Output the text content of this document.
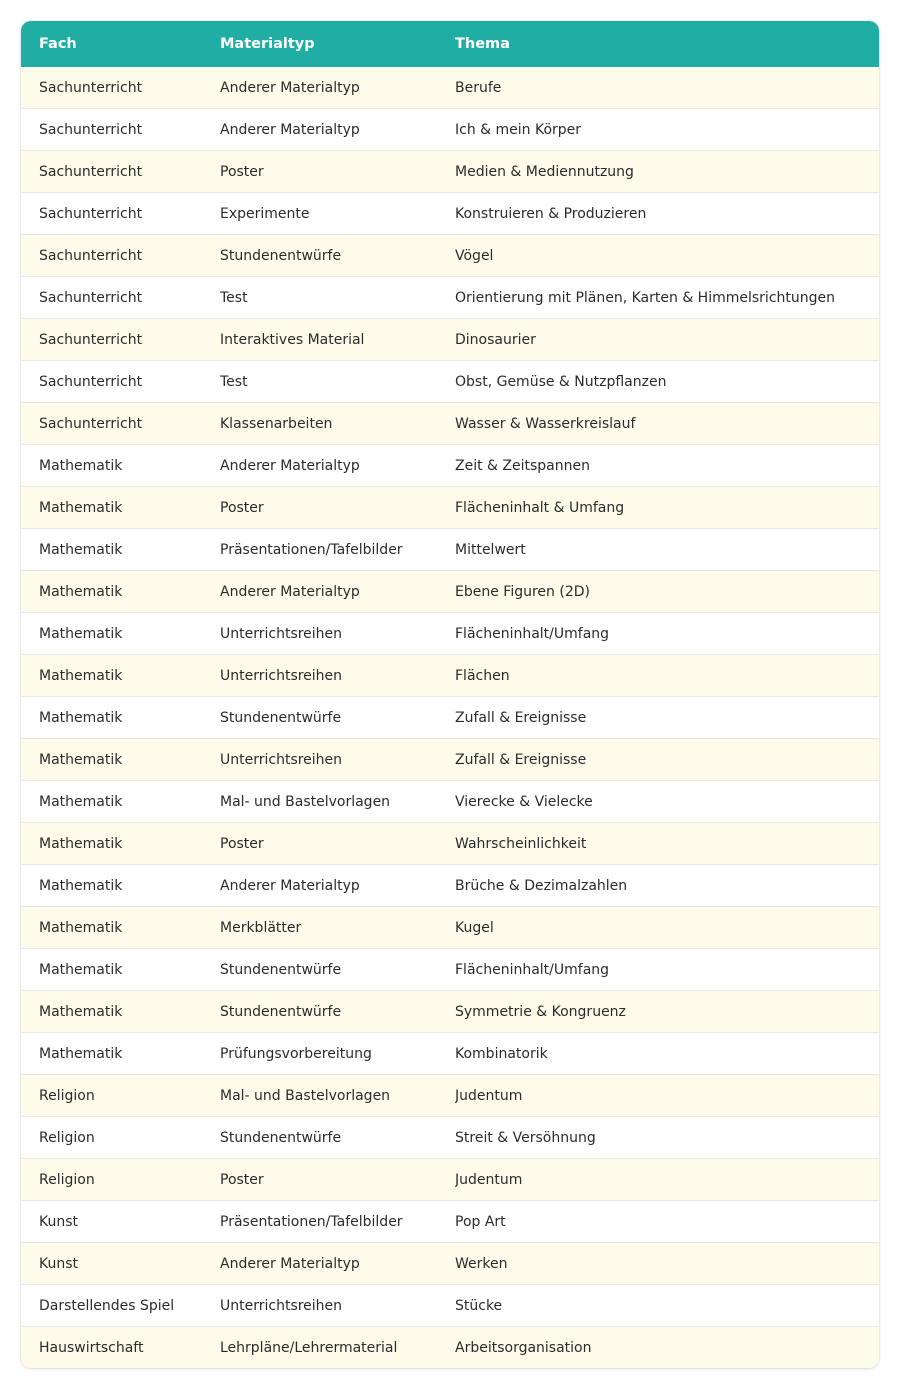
Fach	Materialtyp	Thema
Sachunterricht	Anderer Materialtyp	Berufe
Sachunterricht	Anderer Materialtyp	Ich & mein Körper
Sachunterricht	Poster	Medien & Mediennutzung
Sachunterricht	Experimente	Konstruieren & Produzieren
Sachunterricht	Stundenentwürfe	Vögel
Sachunterricht	Test	Orientierung mit Plänen, Karten & Himmelsrichtungen
Sachunterricht	Interaktives Material	Dinosaurier
Sachunterricht	Test	Obst, Gemüse & Nutzpflanzen
Sachunterricht	Klassenarbeiten	Wasser & Wasserkreislauf
Mathematik	Anderer Materialtyp	Zeit & Zeitspannen
Mathematik	Poster	Flächeninhalt & Umfang
Mathematik	Präsentationen/Tafelbilder	Mittelwert
Mathematik	Anderer Materialtyp	Ebene Figuren (2D)
Mathematik	Unterrichtsreihen	Flächeninhalt/Umfang
Mathematik	Unterrichtsreihen	Flächen
Mathematik	Stundenentwürfe	Zufall & Ereignisse
Mathematik	Unterrichtsreihen	Zufall & Ereignisse
Mathematik	Mal- und Bastelvorlagen	Vierecke & Vielecke
Mathematik	Poster	Wahrscheinlichkeit
Mathematik	Anderer Materialtyp	Brüche & Dezimalzahlen
Mathematik	Merkblätter	Kugel
Mathematik	Stundenentwürfe	Flächeninhalt/Umfang
Mathematik	Stundenentwürfe	Symmetrie & Kongruenz
Mathematik	Prüfungsvorbereitung	Kombinatorik
Religion	Mal- und Bastelvorlagen	Judentum
Religion	Stundenentwürfe	Streit & Versöhnung
Religion	Poster	Judentum
Kunst	Präsentationen/Tafelbilder	Pop Art
Kunst	Anderer Materialtyp	Werken
Darstellendes Spiel	Unterrichtsreihen	Stücke
Hauswirtschaft	Lehrpläne/Lehrermaterial	Arbeitsorganisation
